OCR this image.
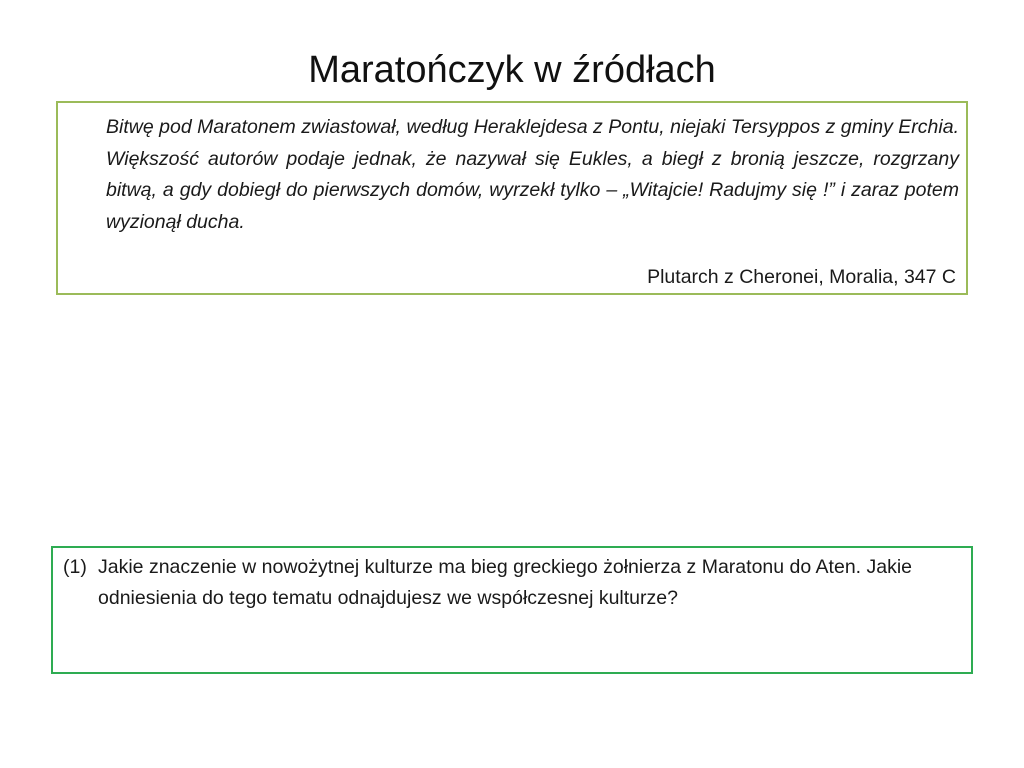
Maratończyk w źródłach
Bitwę pod Maratonem zwiastował, według Heraklejdesa z Pontu, niejaki Tersyppos z gminy Erchia. Większość autorów podaje jednak, że nazywał się Eukles, a biegł z bronią jeszcze, rozgrzany bitwą, a gdy dobiegł do pierwszych domów, wyrzekł tylko – „Witajcie! Radujmy się !” i zaraz potem wyzionął ducha.
Plutarch z Cheronei, Moralia, 347 C
(1) Jakie znaczenie w nowożytnej kulturze ma bieg greckiego żołnierza z Maratonu do Aten. Jakie odniesienia do tego tematu odnajdujesz we współczesnej kulturze?
